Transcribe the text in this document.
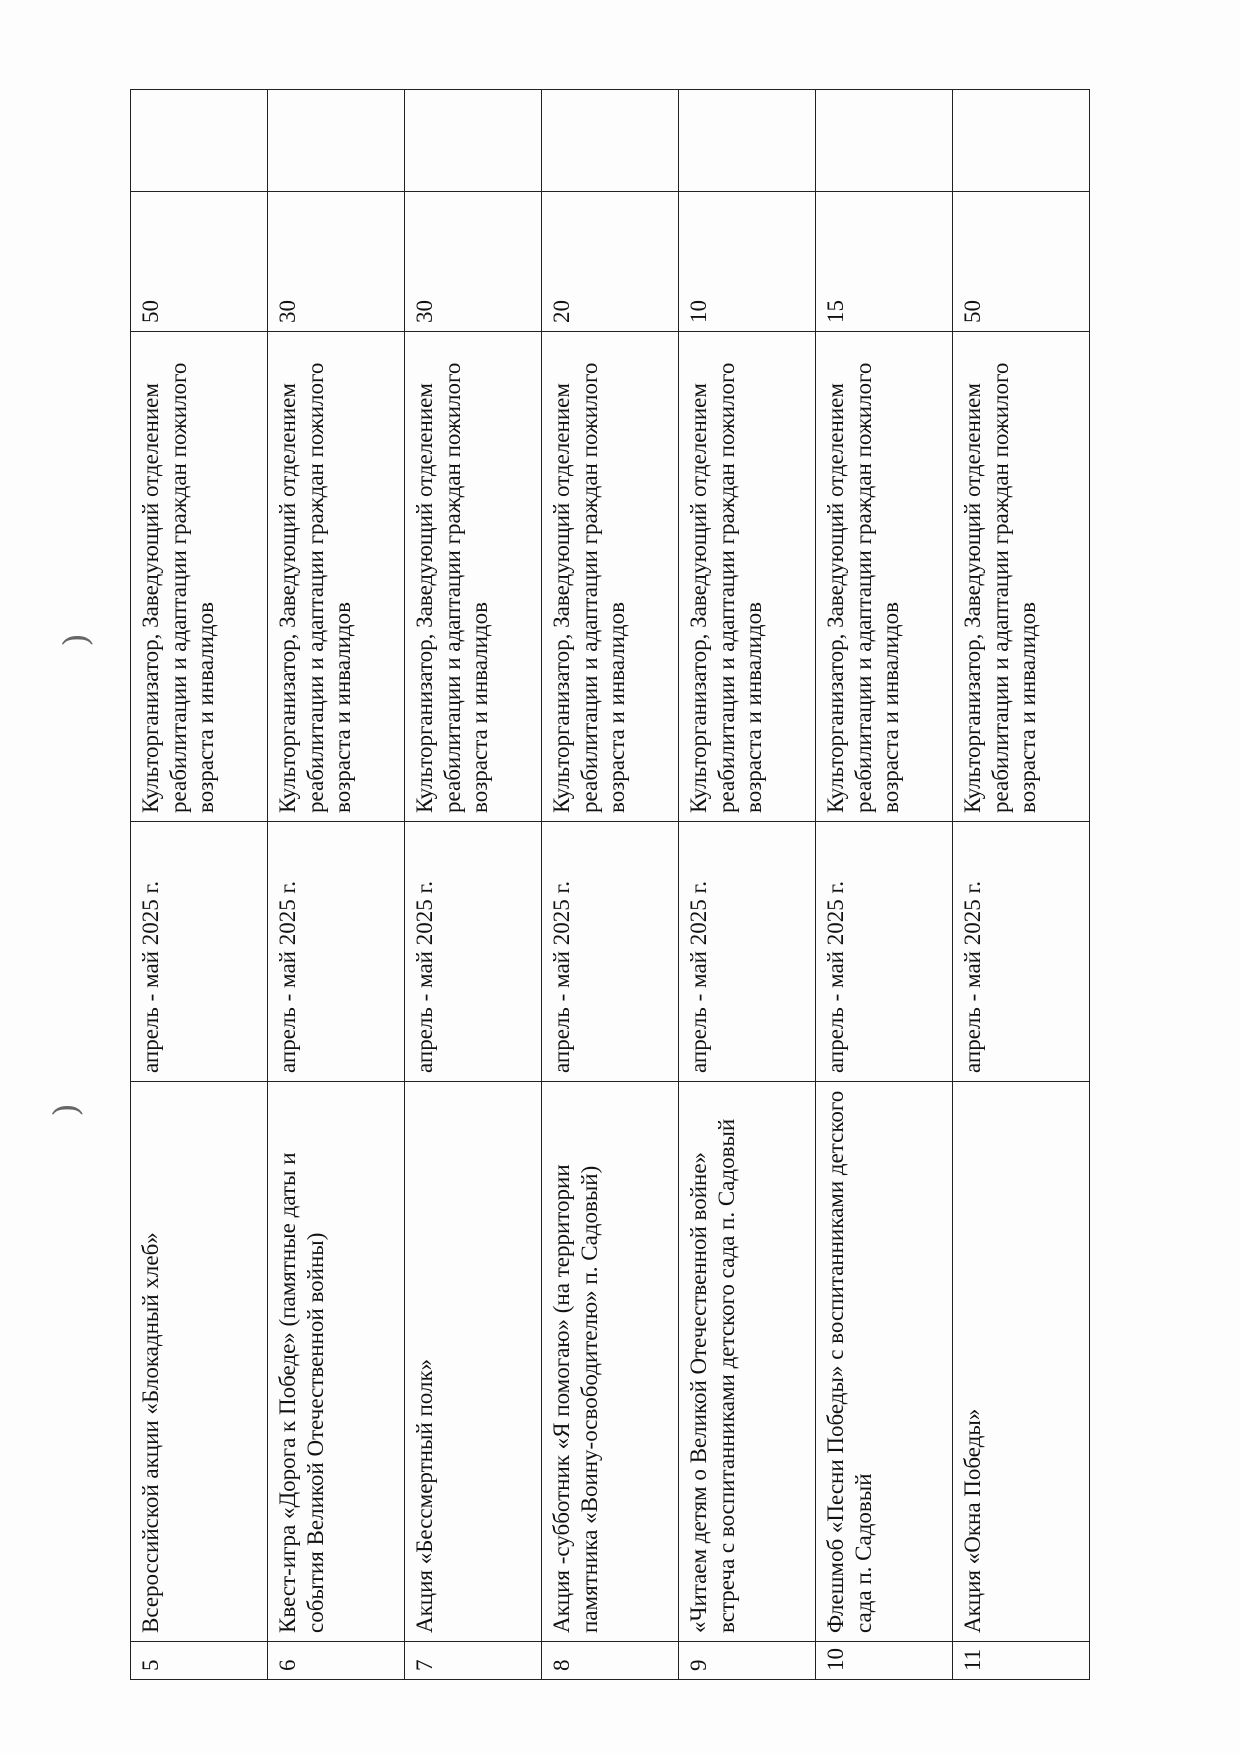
)
)
5	Всероссийской акции «Блокадный хлеб»	апрель - май 2025 г.	Культорганизатор, Заведующий отделением реабилитации и адаптации граждан пожилого возраста и инвалидов	50	
6	Квест-игра «Дорога к Победе» (памятные даты и события Великой Отечественной войны)	апрель - май 2025 г.	Культорганизатор, Заведующий отделением реабилитации и адаптации граждан пожилого возраста и инвалидов	30	
7	Акция «Бессмертный полк»	апрель - май 2025 г.	Культорганизатор, Заведующий отделением реабилитации и адаптации граждан пожилого возраста и инвалидов	30	
8	Акция -субботник «Я помогаю» (на территории памятника «Воину-освободителю» п. Садовый)	апрель - май 2025 г.	Культорганизатор, Заведующий отделением реабилитации и адаптации граждан пожилого возраста и инвалидов	20	
9	«Читаем детям о Великой Отечественной войне» встреча с воспитанниками детского сада п. Садовый	апрель - май 2025 г.	Культорганизатор, Заведующий отделением реабилитации и адаптации граждан пожилого возраста и инвалидов	10	
10	Флешмоб «Песни Победы» с воспитанниками детского сада п. Садовый	апрель - май 2025 г.	Культорганизатор, Заведующий отделением реабилитации и адаптации граждан пожилого возраста и инвалидов	15	
11	Акция «Окна Победы»	апрель - май 2025 г.	Культорганизатор, Заведующий отделением реабилитации и адаптации граждан пожилого возраста и инвалидов	50	
